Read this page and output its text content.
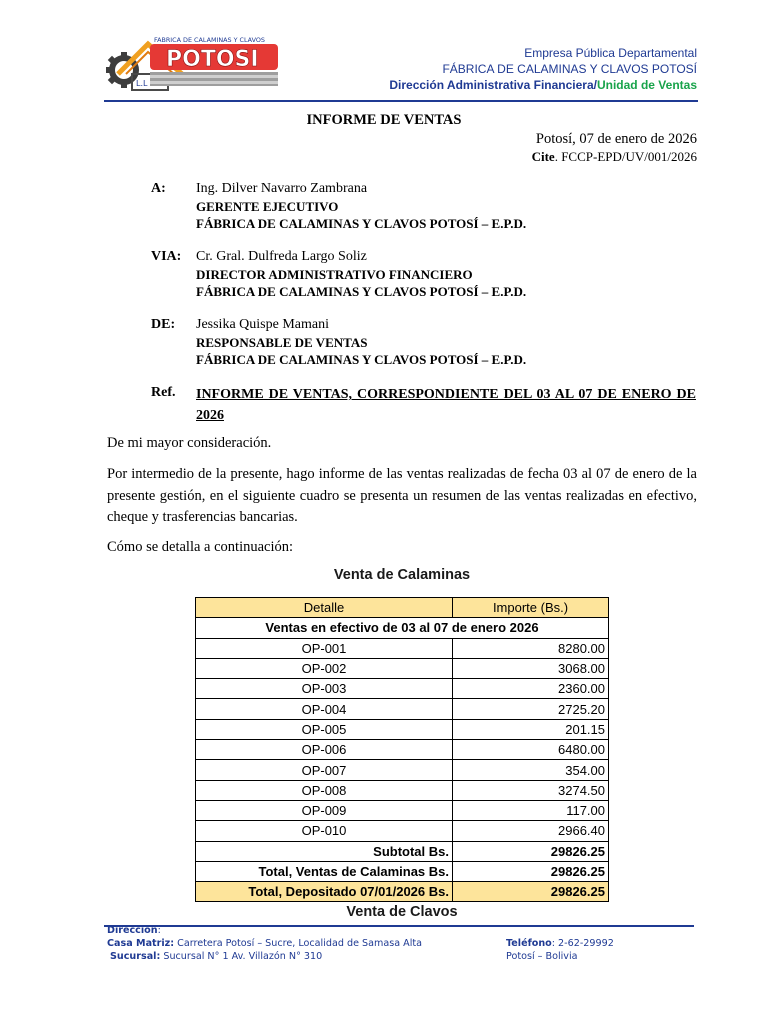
FABRICA DE CALAMINAS Y CLAVOS
POTOSI
L.L
Empresa Pública Departamental
FÁBRICA DE CALAMINAS Y CLAVOS POTOSÍ
Dirección Administrativa Financiera/Unidad de Ventas
INFORME DE VENTAS
Potosí, 07 de enero de 2026
Cite. FCCP-EPD/UV/001/2026
A: Ing. Dilver Navarro Zambrana
GERENTE EJECUTIVO
FÁBRICA DE CALAMINAS Y CLAVOS POTOSÍ – E.P.D.
VIA: Cr. Gral. Dulfreda Largo Soliz
DIRECTOR ADMINISTRATIVO FINANCIERO
FÁBRICA DE CALAMINAS Y CLAVOS POTOSÍ – E.P.D.
DE: Jessika Quispe Mamani
RESPONSABLE DE VENTAS
FÁBRICA DE CALAMINAS Y CLAVOS POTOSÍ – E.P.D.
Ref. INFORME DE VENTAS, CORRESPONDIENTE DEL 03 AL 07 DE ENERO DE 2026
De mi mayor consideración.
Por intermedio de la presente, hago informe de las ventas realizadas de fecha 03 al 07 de enero de la presente gestión, en el siguiente cuadro se presenta un resumen de las ventas realizadas en efectivo, cheque y trasferencias bancarias.
Cómo se detalla a continuación:
Venta de Calaminas
Detalle	Importe (Bs.)
Ventas en efectivo de 03 al 07 de enero 2026	
OP-001	8280.00
OP-002	3068.00
OP-003	2360.00
OP-004	2725.20
OP-005	201.15
OP-006	6480.00
OP-007	354.00
OP-008	3274.50
OP-009	117.00
OP-010	2966.40
Subtotal Bs.	29826.25
Total, Ventas de Calaminas Bs.	29826.25
Total, Depositado 07/01/2026 Bs.	29826.25
Venta de Clavos
Dirección:
Casa Matriz: Carretera Potosí – Sucre, Localidad de Samasa Alta
Sucursal: Sucursal N° 1 Av. Villazón N° 310
Teléfono: 2-62-29992
Potosí – Bolivia
